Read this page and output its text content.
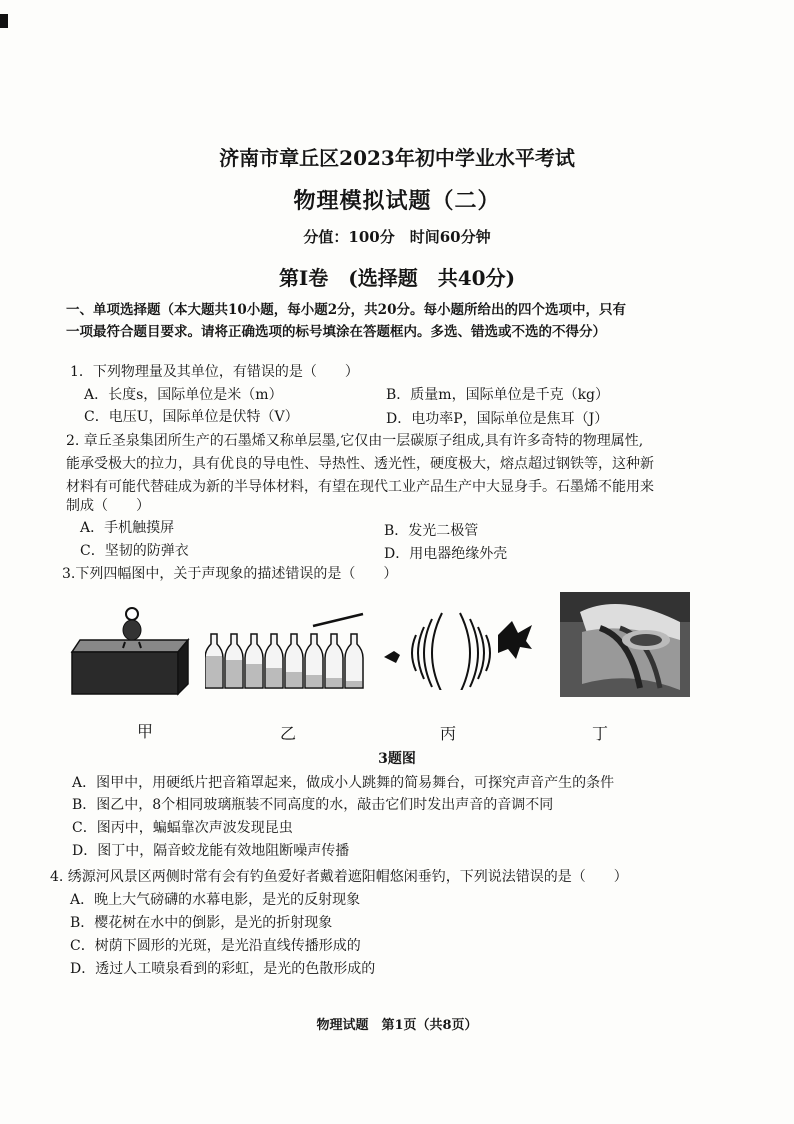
济南市章丘区2023年初中学业水平考试
物理模拟试题（二）
分值：100分　时间60分钟
第Ⅰ卷　(选择题　共40分)
一、单项选择题（本大题共10小题，每小题2分，共20分。每小题所给出的四个选项中，只有
一项最符合题目要求。请将正确选项的标号填涂在答题框内。多选、错选或不选的不得分）
1．下列物理量及其单位，有错误的是（　　）
A．长度s，国际单位是米（m）	B．质量m，国际单位是千克（kg）
C．电压U，国际单位是伏特（V）	D．电功率P，国际单位是焦耳（J）
2. 章丘圣泉集团所生产的石墨烯又称单层墨,它仅由一层碳原子组成,具有许多奇特的物理属性,
能承受极大的拉力，具有优良的导电性、导热性、透光性，硬度极大，熔点超过钢铁等，这种新
材料有可能代替硅成为新的半导体材料，有望在现代工业产品生产中大显身手。石墨烯不能用来
制成（　　）
A．手机触摸屏	B．发光二极管
C．坚韧的防弹衣	D．用电器绝缘外壳
3.下列四幅图中，关于声现象的描述错误的是（　　）
甲	乙	丙	丁
3题图
A．图甲中，用硬纸片把音箱罩起来，做成小人跳舞的简易舞台，可探究声音产生的条件
B．图乙中，8个相同玻璃瓶装不同高度的水，敲击它们时发出声音的音调不同
C．图丙中，蝙蝠靠次声波发现昆虫
D．图丁中，隔音蛟龙能有效地阻断噪声传播
4. 绣源河风景区两侧时常有会有钓鱼爱好者戴着遮阳帽悠闲垂钓，下列说法错误的是（　　）
A．晚上大气磅礴的水幕电影，是光的反射现象
B．樱花树在水中的倒影，是光的折射现象
C．树荫下圆形的光斑，是光沿直线传播形成的
D．透过人工喷泉看到的彩虹，是光的色散形成的
物理试题　第1页（共8页）
